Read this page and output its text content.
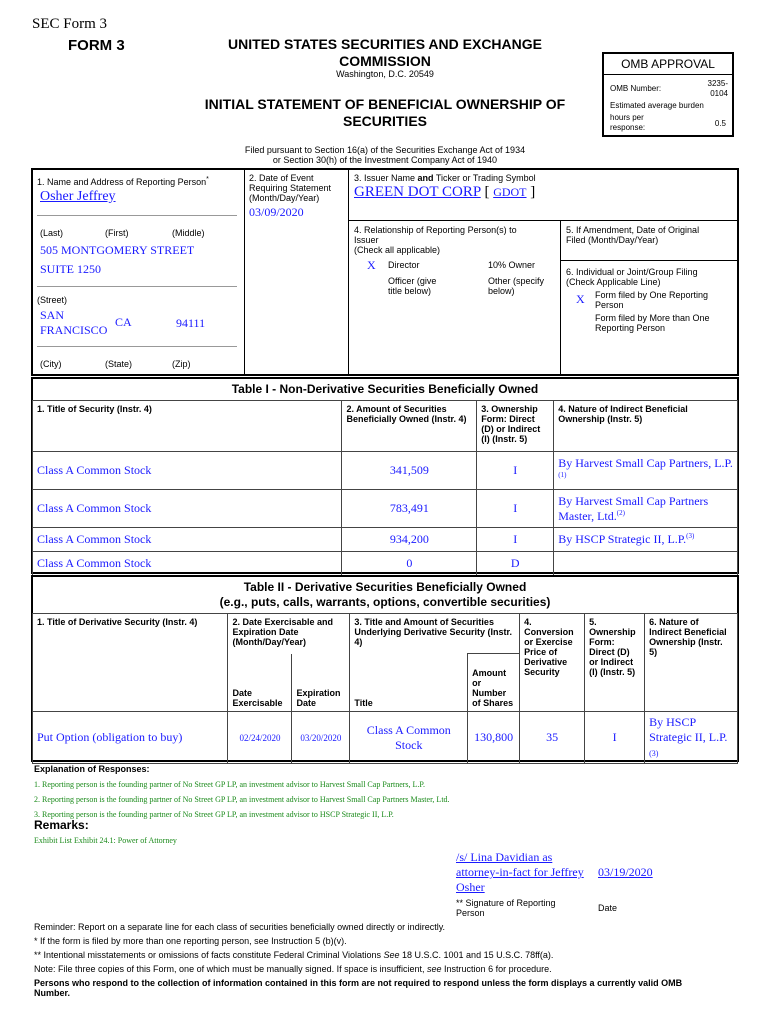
SEC Form 3
FORM 3	UNITED STATES SECURITIES AND EXCHANGE
COMMISSION
Washington, D.C. 20549
INITIAL STATEMENT OF BENEFICIAL OWNERSHIP OF
SECURITIES
OMB APPROVAL
OMB Number:
3235-
0104
Estimated average burden
hours per
response:	0.5
Filed pursuant to Section 16(a) of the Securities Exchange Act of 1934
or Section 30(h) of the Investment Company Act of 1940
1. Name and Address of Reporting Person*
Osher Jeffrey
(Last)	(First)	(Middle)
505 MONTGOMERY STREET
SUITE 1250
(Street)
SAN
FRANCISCO
CA	94111
(City)	(State)	(Zip)
2. Date of Event
Requiring Statement
(Month/Day/Year)
03/09/2020
3. Issuer Name and Ticker or Trading Symbol
GREEN DOT CORP [ GDOT ]
4. Relationship of Reporting Person(s) to
Issuer
(Check all applicable)
X Director	10% Owner
Officer (give
title below)
Other (specify
below)
5. If Amendment, Date of Original
Filed (Month/Day/Year)
6. Individual or Joint/Group Filing
(Check Applicable Line)
X Form filed by One Reporting
Person
Form filed by More than One
Reporting Person
Table I - Non-Derivative Securities Beneficially Owned
1. Title of Security (Instr. 4)	2. Amount of Securities Beneficially Owned (Instr. 4)	3. Ownership Form: Direct (D) or Indirect (I) (Instr. 5)	4. Nature of Indirect Beneficial Ownership (Instr. 5)
Class A Common Stock	341,509	I	By Harvest Small Cap Partners, L.P.$^{(1)}$
Class A Common Stock	783,491	I	By Harvest Small Cap Partners Master, Ltd.$^{(2)}$
Class A Common Stock	934,200	I	By HSCP Strategic II, L.P.$^{(3)}$
Class A Common Stock	0	D	
Table II - Derivative Securities Beneficially Owned
(e.g., puts, calls, warrants, options, convertible securities)
1. Title of Derivative Security (Instr. 4)	2. Date Exercisable and Expiration Date (Month/Day/Year)		3. Title and Amount of Securities Underlying Derivative Security (Instr. 4)		4. Conversion or Exercise Price of Derivative Security	5. Ownership Form: Direct (D) or Indirect (I) (Instr. 5)	6. Nature of Indirect Beneficial Ownership (Instr. 5)
	Date Exercisable	Expiration Date	Title	Amount or Number of Shares			
Put Option (obligation to buy)	02/24/2020	03/20/2020	Class A Common Stock	130,800	35	I	By HSCP Strategic II, L.P.
(3)
Explanation of Responses:
1. Reporting person is the founding partner of No Street GP LP, an investment advisor to Harvest Small Cap Partners, L.P.
2. Reporting person is the founding partner of No Street GP LP, an investment advisor to Harvest Small Cap Partners Master, Ltd.
3. Reporting person is the founding partner of No Street GP LP, an investment advisor to HSCP Strategic II, L.P.
Remarks:
Exhibit List Exhibit 24.1: Power of Attorney
/s/ Lina Davidian as
attorney-in-fact for Jeffrey
Osher
03/19/2020
** Signature of Reporting
Person	Date
Reminder: Report on a separate line for each class of securities beneficially owned directly or indirectly.
* If the form is filed by more than one reporting person, see Instruction 5 (b)(v).
** Intentional misstatements or omissions of facts constitute Federal Criminal Violations See 18 U.S.C. 1001 and 15 U.S.C. 78ff(a).
Note: File three copies of this Form, one of which must be manually signed. If space is insufficient, see Instruction 6 for procedure.
Persons who respond to the collection of information contained in this form are not required to respond unless the form displays a currently valid OMB
Number.
